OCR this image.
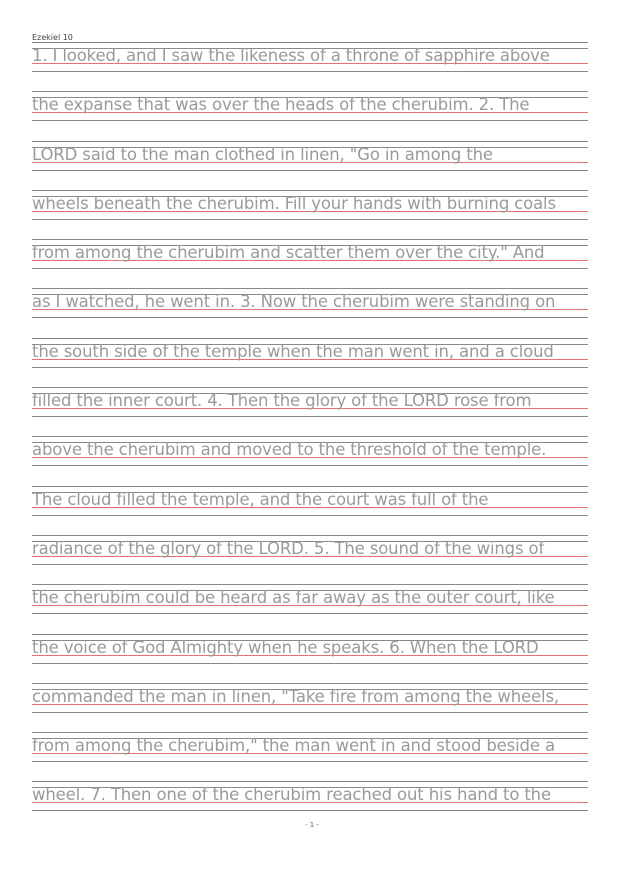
Ezekiel 10
1. I looked, and I saw the likeness of a throne of sapphire above
the expanse that was over the heads of the cherubim. 2. The
LORD said to the man clothed in linen, "Go in among the
wheels beneath the cherubim. Fill your hands with burning coals
from among the cherubim and scatter them over the city." And
as I watched, he went in. 3. Now the cherubim were standing on
the south side of the temple when the man went in, and a cloud
filled the inner court. 4. Then the glory of the LORD rose from
above the cherubim and moved to the threshold of the temple.
The cloud filled the temple, and the court was full of the
radiance of the glory of the LORD. 5. The sound of the wings of
the cherubim could be heard as far away as the outer court, like
the voice of God Almighty when he speaks. 6. When the LORD
commanded the man in linen, "Take fire from among the wheels,
from among the cherubim," the man went in and stood beside a
wheel. 7. Then one of the cherubim reached out his hand to the
- 1 -
